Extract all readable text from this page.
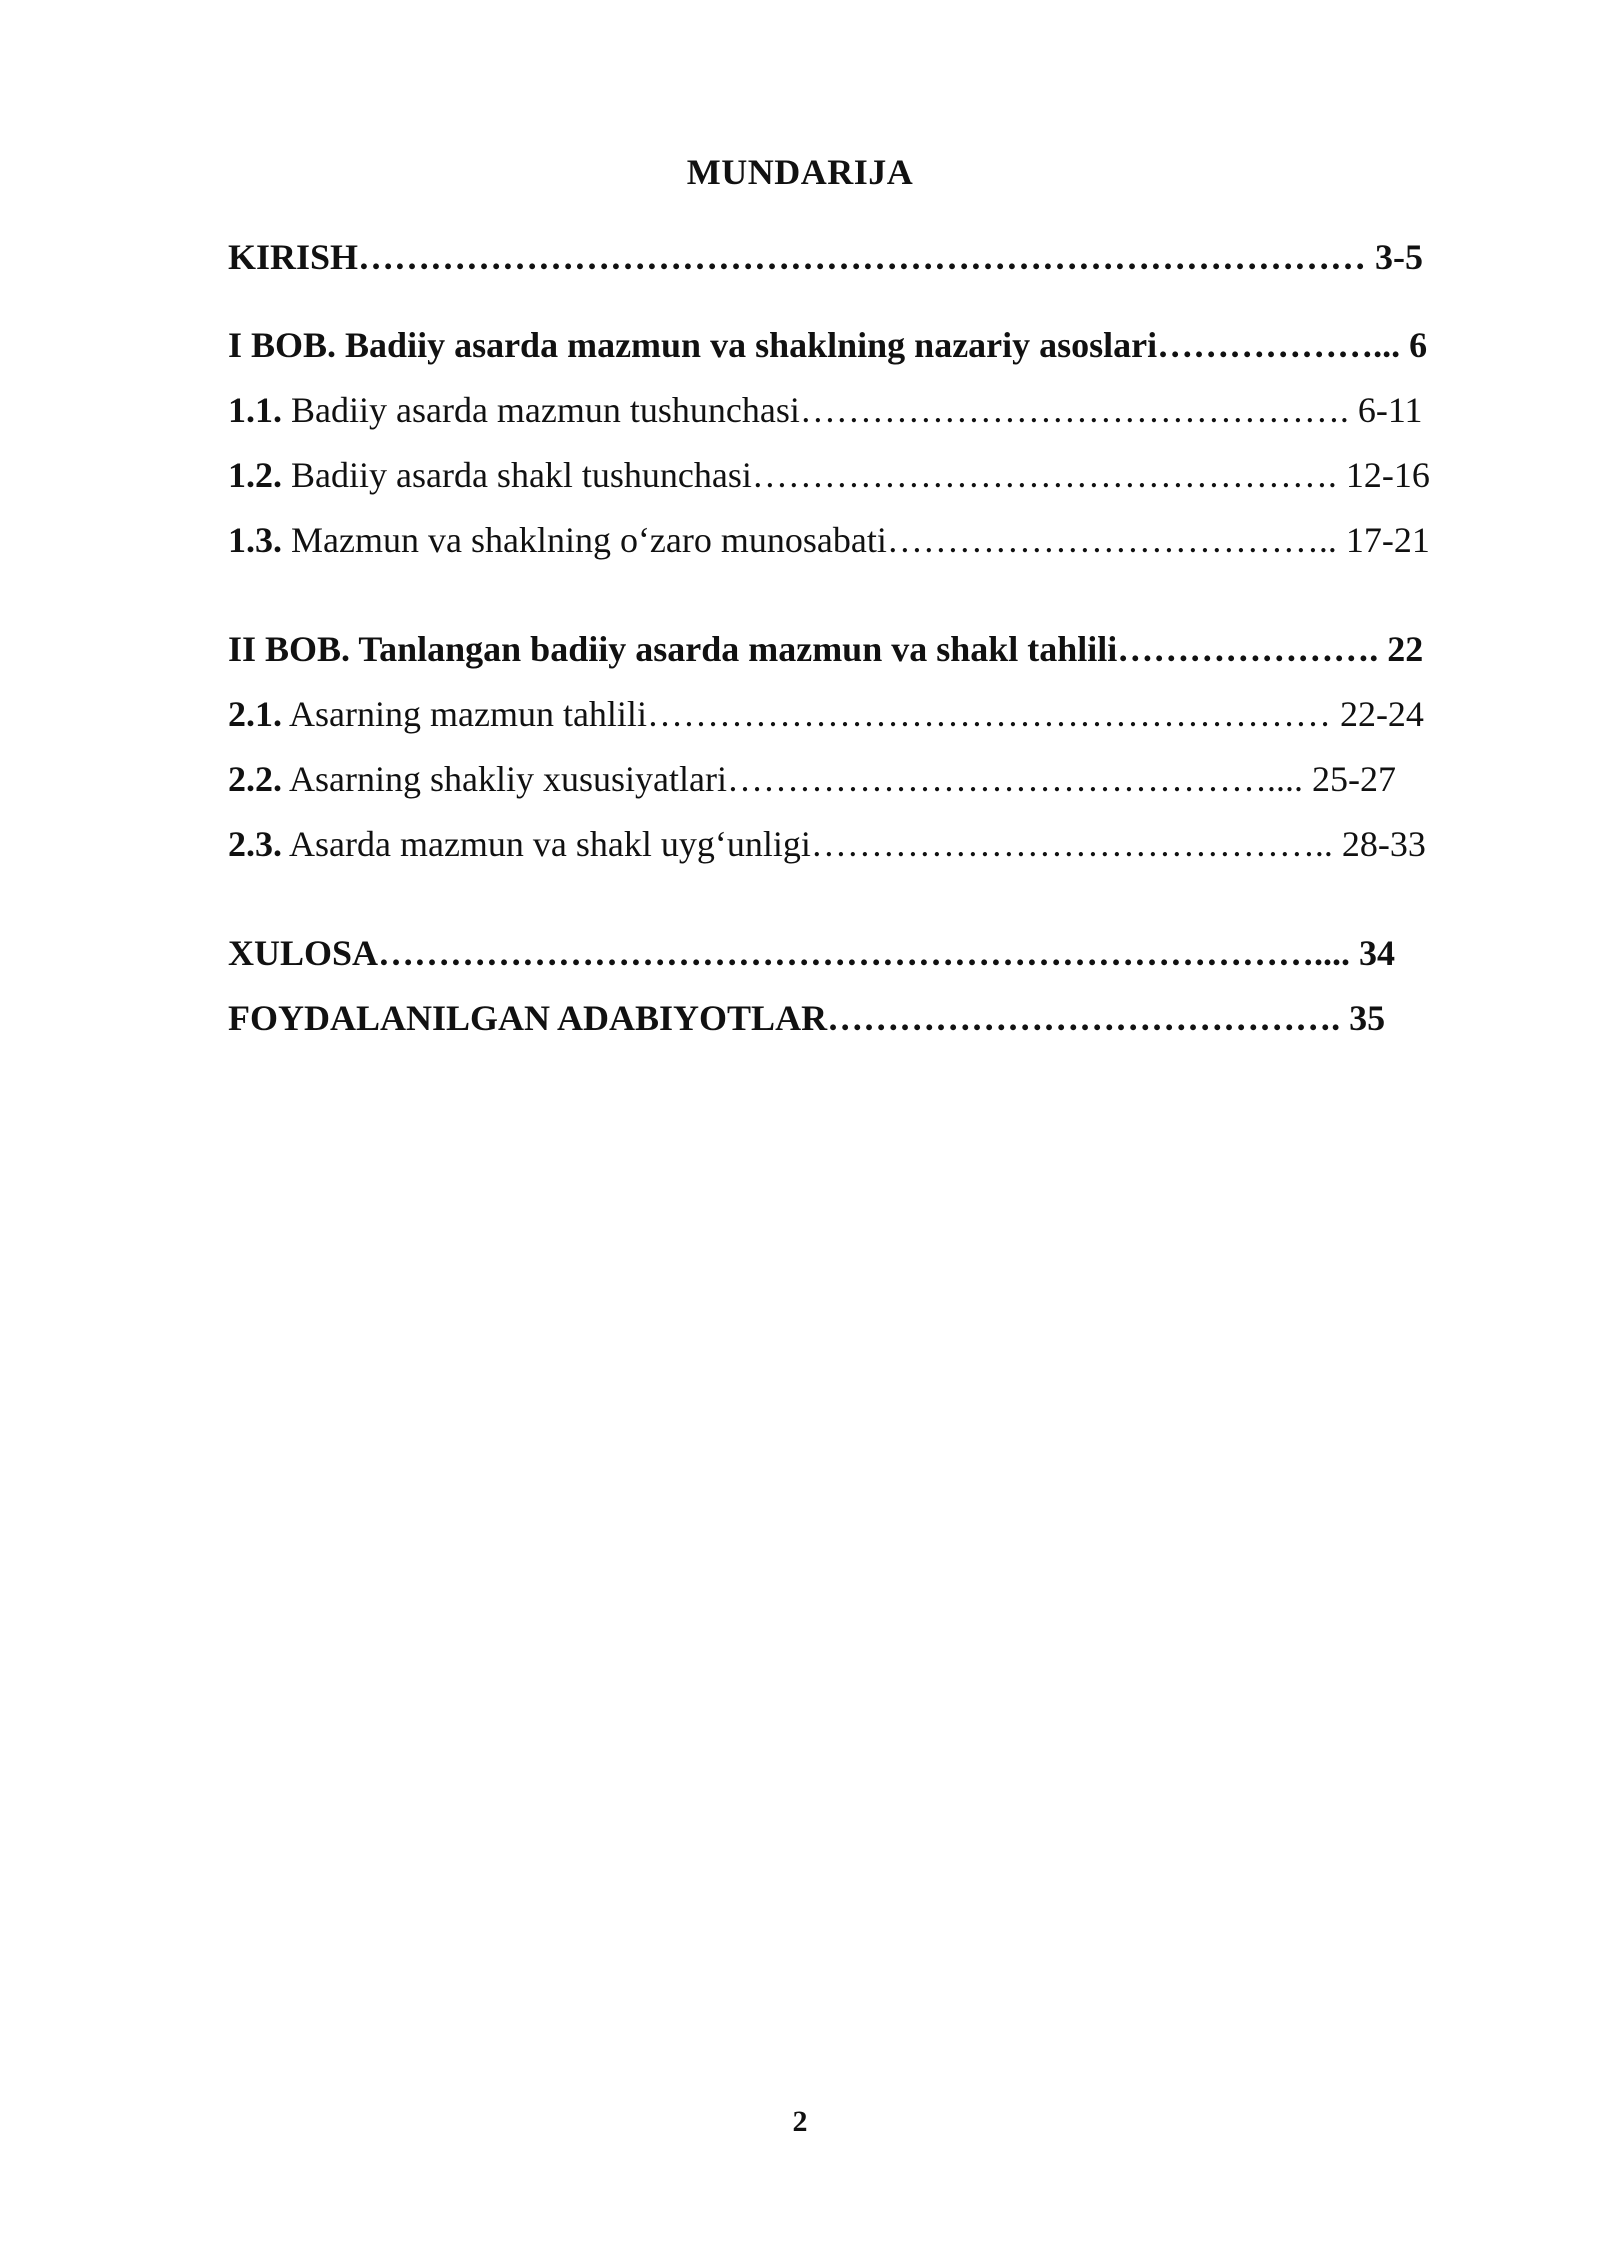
MUNDARIJA
KIRISH………………………………………………………………………… 3-5
I BOB. Badiiy asarda mazmun va shaklning nazariy asoslari………………... 6
1.1. Badiiy asarda mazmun tushunchasi………………………………………. 6-11
1.2. Badiiy asarda shakl tushunchasi…………………………………………. 12-16
1.3. Mazmun va shaklning o‘zaro munosabati……………………………….. 17-21
II BOB. Tanlangan badiiy asarda mazmun va shakl tahlili…………………. 22
2.1. Asarning mazmun tahlili………………………………………………… 22-24
2.2. Asarning shakliy xususiyatlari……………………………………….... 25-27
2.3. Asarda mazmun va shakl uyg‘unligi…………………………………….. 28-33
XULOSA…………………………………………………………………….... 34
FOYDALANILGAN ADABIYOTLAR……………………………………. 35
2
